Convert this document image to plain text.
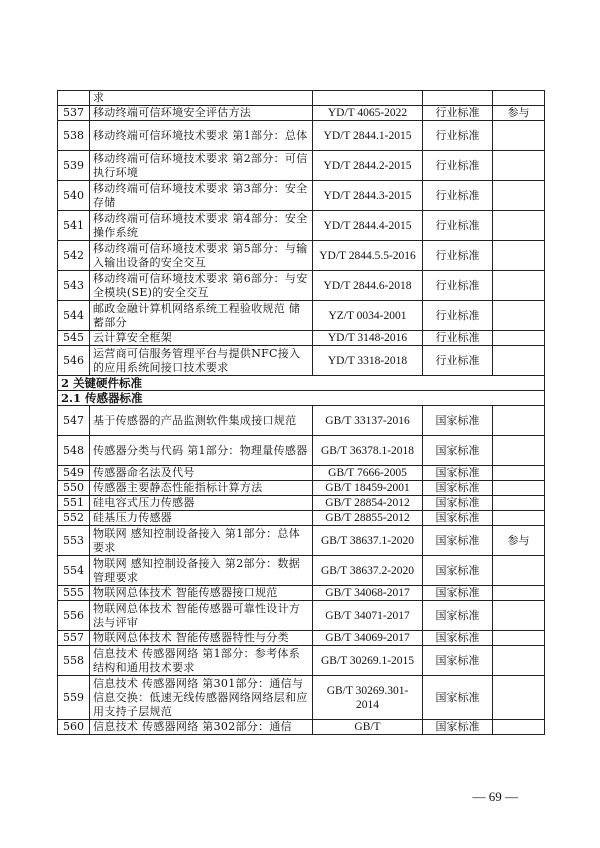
	求			
537	移动终端可信环境安全评估方法	YD/T 4065-2022	行业标准	参与
538	移动终端可信环境技术要求 第1部分：总体	YD/T 2844.1-2015	行业标准	
539	移动终端可信环境技术要求 第2部分：可信执行环境	YD/T 2844.2-2015	行业标准	
540	移动终端可信环境技术要求 第3部分：安全存储	YD/T 2844.3-2015	行业标准	
541	移动终端可信环境技术要求 第4部分：安全操作系统	YD/T 2844.4-2015	行业标准	
542	移动终端可信环境技术要求 第5部分：与输入输出设备的安全交互	YD/T 2844.5.5-2016	行业标准	
543	移动终端可信环境技术要求 第6部分：与安全模块(SE)的安全交互	YD/T 2844.6-2018	行业标准	
544	邮政金融计算机网络系统工程验收规范 储蓄部分	YZ/T 0034-2001	行业标准	
545	云计算安全框架	YD/T 3148-2016	行业标准	
546	运营商可信服务管理平台与提供NFC接入的应用系统间接口技术要求	YD/T 3318-2018	行业标准	
2 关键硬件标准				
2.1 传感器标准				
547	基于传感器的产品监测软件集成接口规范	GB/T 33137-2016	国家标准	
548	传感器分类与代码 第1部分：物理量传感器	GB/T 36378.1-2018	国家标准	
549	传感器命名法及代号	GB/T 7666-2005	国家标准	
550	传感器主要静态性能指标计算方法	GB/T 18459-2001	国家标准	
551	硅电容式压力传感器	GB/T 28854-2012	国家标准	
552	硅基压力传感器	GB/T 28855-2012	国家标准	
553	物联网 感知控制设备接入 第1部分：总体要求	GB/T 38637.1-2020	国家标准	参与
554	物联网 感知控制设备接入 第2部分：数据管理要求	GB/T 38637.2-2020	国家标准	
555	物联网总体技术 智能传感器接口规范	GB/T 34068-2017	国家标准	
556	物联网总体技术 智能传感器可靠性设计方法与评审	GB/T 34071-2017	国家标准	
557	物联网总体技术 智能传感器特性与分类	GB/T 34069-2017	国家标准	
558	信息技术 传感器网络 第1部分：参考体系结构和通用技术要求	GB/T 30269.1-2015	国家标准	
559	信息技术 传感器网络 第301部分：通信与信息交换：低速无线传感器网络网络层和应用支持子层规范	GB/T 30269.301-2014	国家标准	
560	信息技术 传感器网络 第302部分：通信	GB/T	国家标准	
— 69 —
